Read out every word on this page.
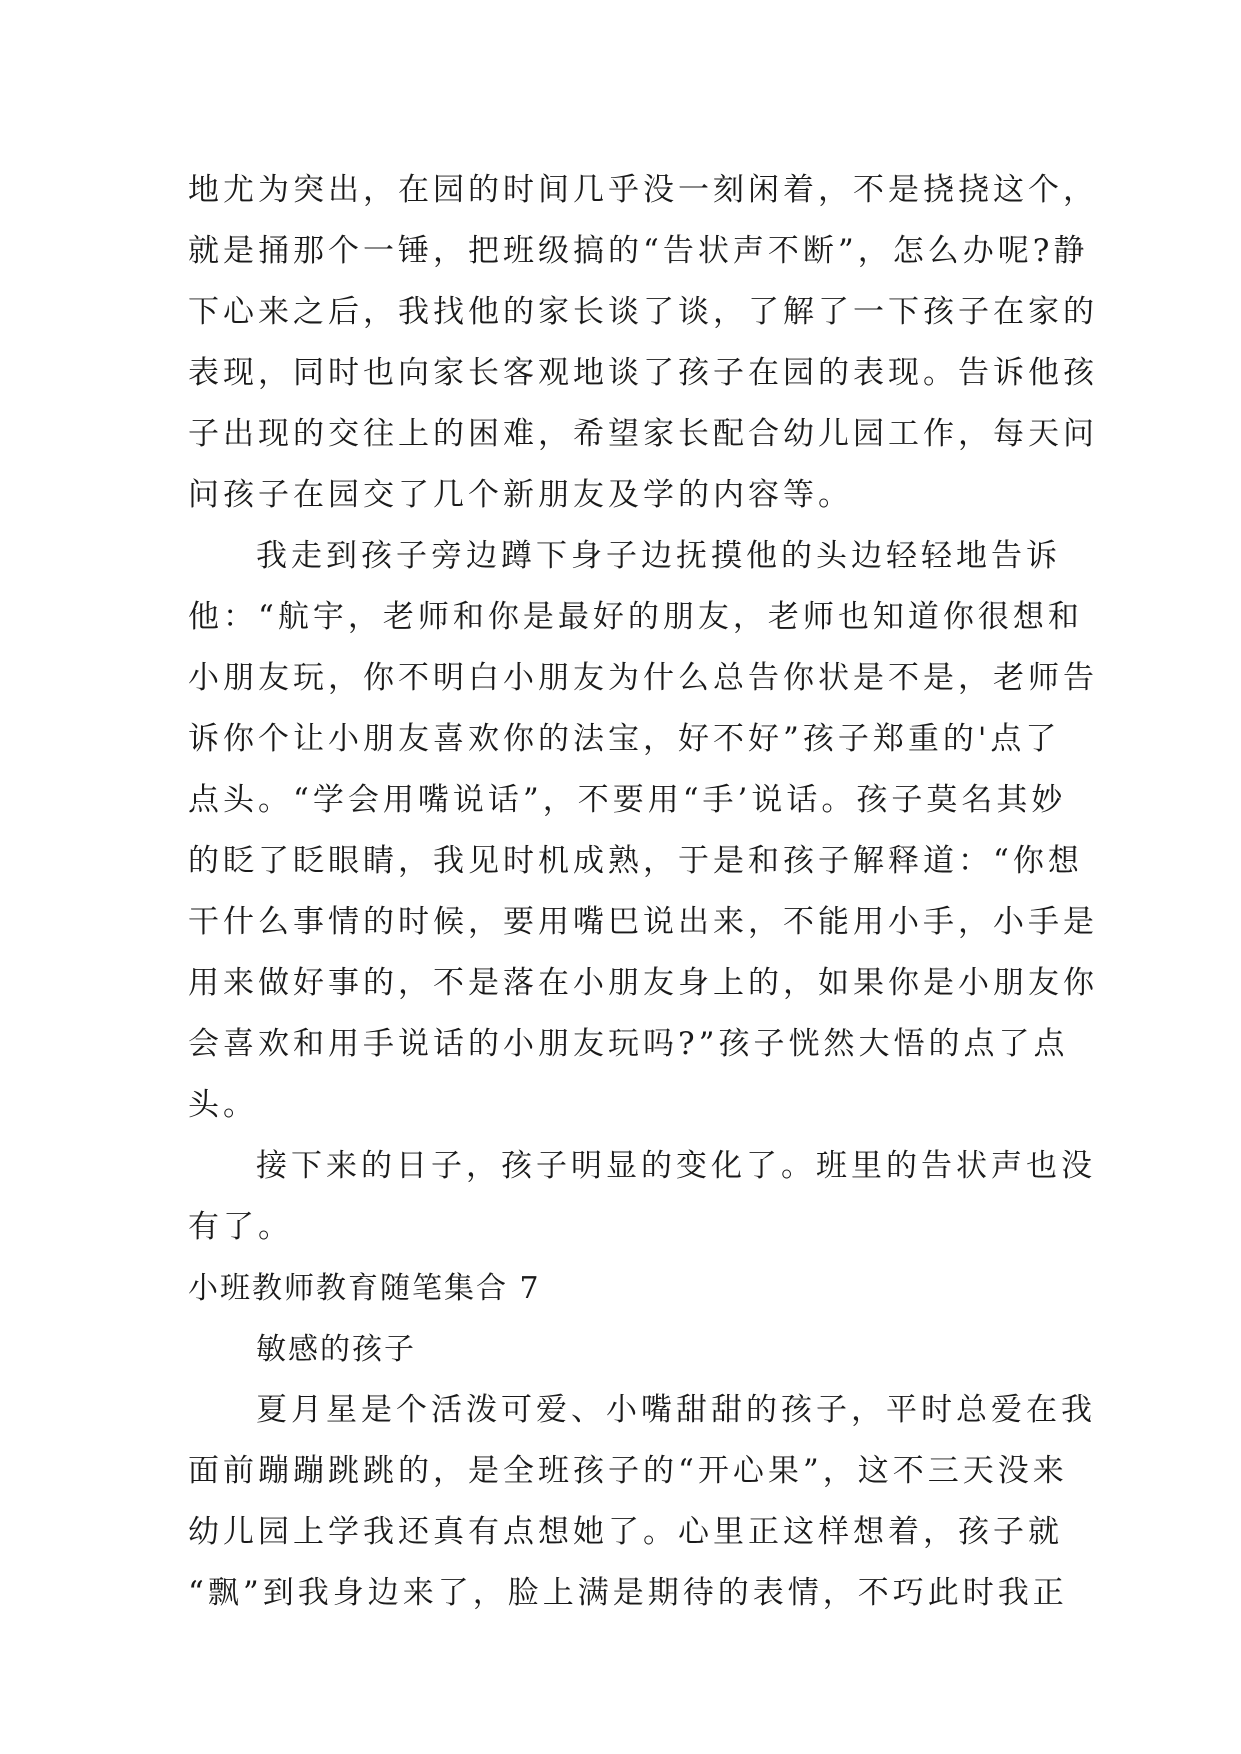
地尤为突出，在园的时间几乎没一刻闲着，不是挠挠这个，
就是捅那个一锤，把班级搞的“告状声不断”，怎么办呢?静
下心来之后，我找他的家长谈了谈，了解了一下孩子在家的
表现，同时也向家长客观地谈了孩子在园的表现。告诉他孩
子出现的交往上的困难，希望家长配合幼儿园工作，每天问
问孩子在园交了几个新朋友及学的内容等。
我走到孩子旁边蹲下身子边抚摸他的头边轻轻地告诉
他：“航宇，老师和你是最好的朋友，老师也知道你很想和
小朋友玩，你不明白小朋友为什么总告你状是不是，老师告
诉你个让小朋友喜欢你的法宝，好不好”孩子郑重的'点了
点头。“学会用嘴说话”，不要用“手’说话。孩子莫名其妙
的眨了眨眼睛，我见时机成熟，于是和孩子解释道：“你想
干什么事情的时候，要用嘴巴说出来，不能用小手，小手是
用来做好事的，不是落在小朋友身上的，如果你是小朋友你
会喜欢和用手说话的小朋友玩吗?”孩子恍然大悟的点了点
头。
接下来的日子，孩子明显的变化了。班里的告状声也没
有了。
小班教师教育随笔集合 7
敏感的孩子
夏月星是个活泼可爱、小嘴甜甜的孩子，平时总爱在我
面前蹦蹦跳跳的，是全班孩子的“开心果”，这不三天没来
幼儿园上学我还真有点想她了。心里正这样想着，孩子就
“飘”到我身边来了，脸上满是期待的表情，不巧此时我正
